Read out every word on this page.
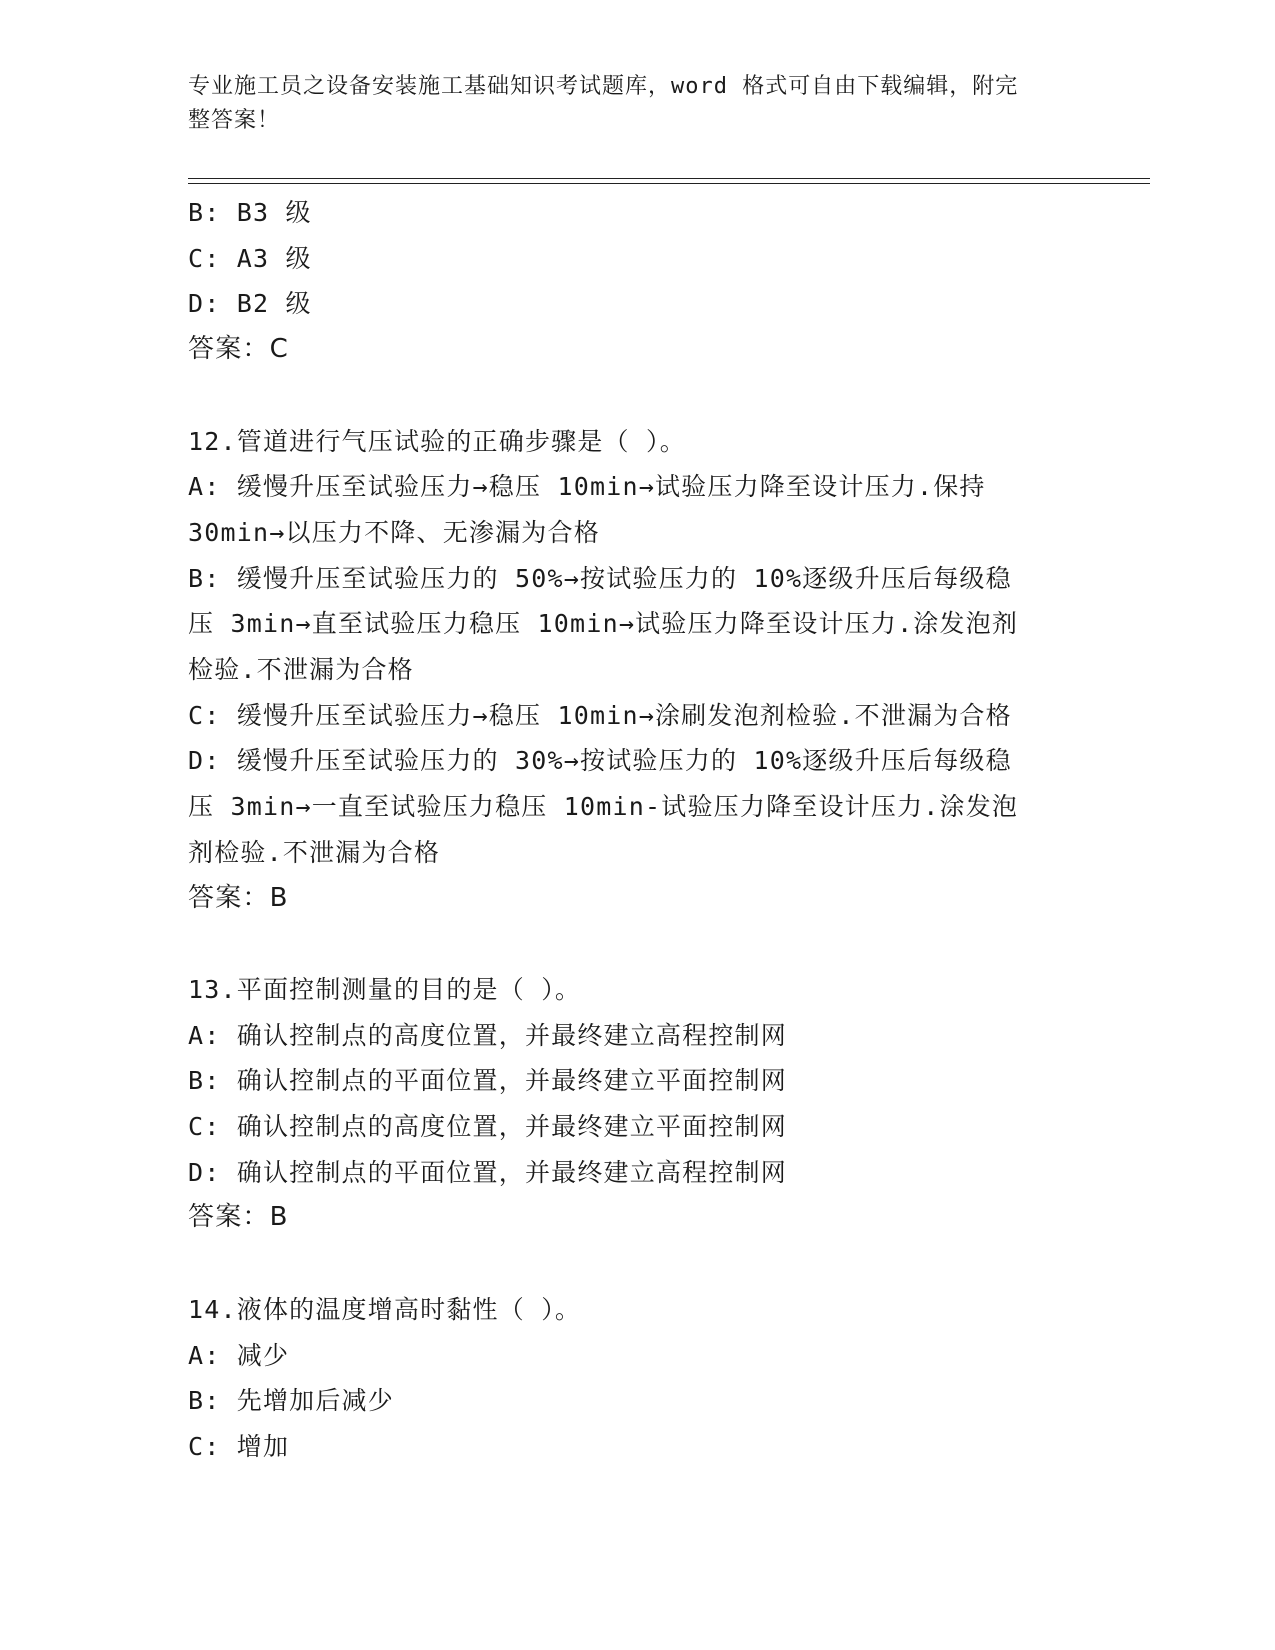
专业施工员之设备安装施工基础知识考试题库，word 格式可自由下载编辑，附完
整答案！
B: B3 级
C: A3 级
D: B2 级
答案：C
12.管道进行气压试验的正确步骤是（ ）。
A: 缓慢升压至试验压力→稳压 10min→试验压力降至设计压力.保持
30min→以压力不降、无渗漏为合格
B: 缓慢升压至试验压力的 50%→按试验压力的 10%逐级升压后每级稳
压 3min→直至试验压力稳压 10min→试验压力降至设计压力.涂发泡剂
检验.不泄漏为合格
C: 缓慢升压至试验压力→稳压 10min→涂刷发泡剂检验.不泄漏为合格
D: 缓慢升压至试验压力的 30%→按试验压力的 10%逐级升压后每级稳
压 3min→一直至试验压力稳压 10min-试验压力降至设计压力.涂发泡
剂检验.不泄漏为合格
答案：B
13.平面控制测量的目的是（ ）。
A: 确认控制点的高度位置，并最终建立高程控制网
B: 确认控制点的平面位置，并最终建立平面控制网
C: 确认控制点的高度位置，并最终建立平面控制网
D: 确认控制点的平面位置，并最终建立高程控制网
答案：B
14.液体的温度增高时黏性（ ）。
A: 减少
B: 先增加后减少
C: 增加
